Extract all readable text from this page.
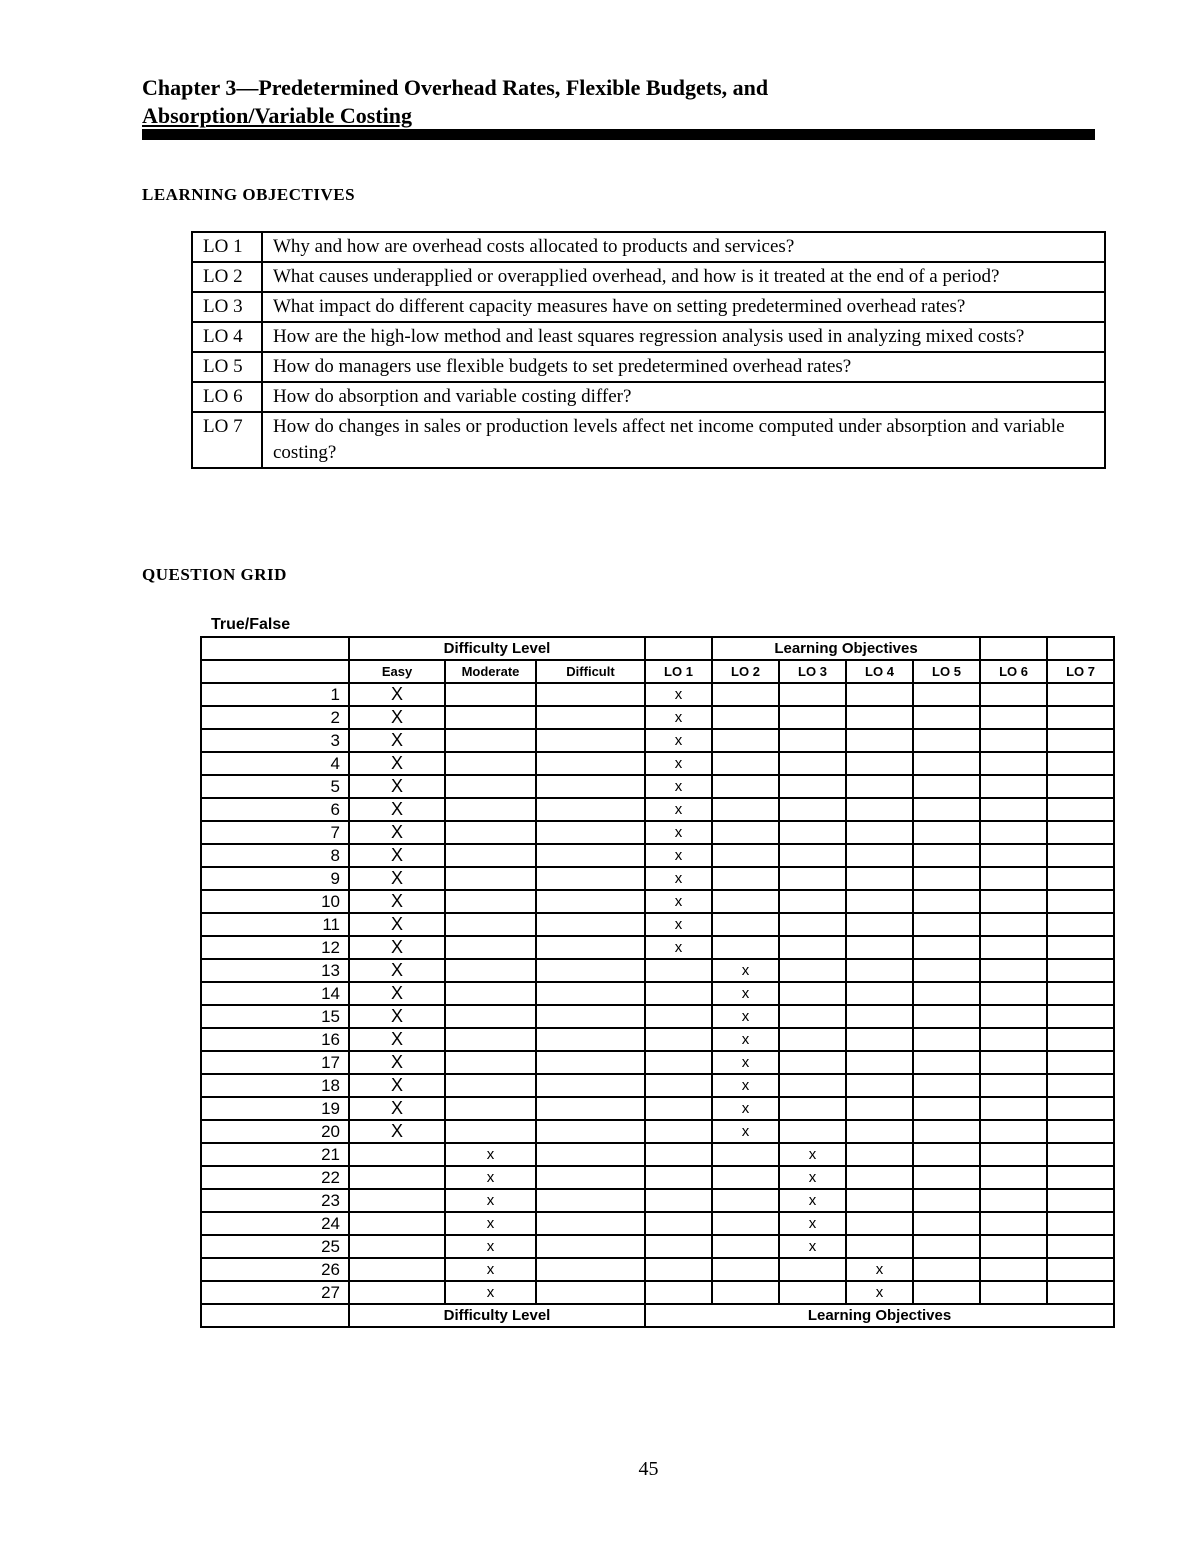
Chapter 3—Predetermined Overhead Rates, Flexible Budgets, and
Absorption/Variable Costing
LEARNING OBJECTIVES
LO 1	Why and how are overhead costs allocated to products and services?
LO 2	What causes underapplied or overapplied overhead, and how is it treated at the end of a period?
LO 3	What impact do different capacity measures have on setting predetermined overhead rates?
LO 4	How are the high-low method and least squares regression analysis used in analyzing mixed costs?
LO 5	How do managers use flexible budgets to set predetermined overhead rates?
LO 6	How do absorption and variable costing differ?
LO 7	How do changes in sales or production levels affect net income computed under absorption and variable costing?
QUESTION GRID
True/False
	Difficulty Level				Learning Objectives					
	Easy	Moderate	Difficult	LO 1	LO 2	LO 3	LO 4	LO 5	LO 6	LO 7
1	X			x						
2	X			x						
3	X			x						
4	X			x						
5	X			x						
6	X			x						
7	X			x						
8	X			x						
9	X			x						
10	X			x						
11	X			x						
12	X			x						
13	X				x					
14	X				x					
15	X				x					
16	X				x					
17	X				x					
18	X				x					
19	X				x					
20	X				x					
21		x				x				
22		x				x				
23		x				x				
24		x				x				
25		x				x				
26		x					x			
27		x					x			
	Difficulty Level			Learning Objectives						
45
